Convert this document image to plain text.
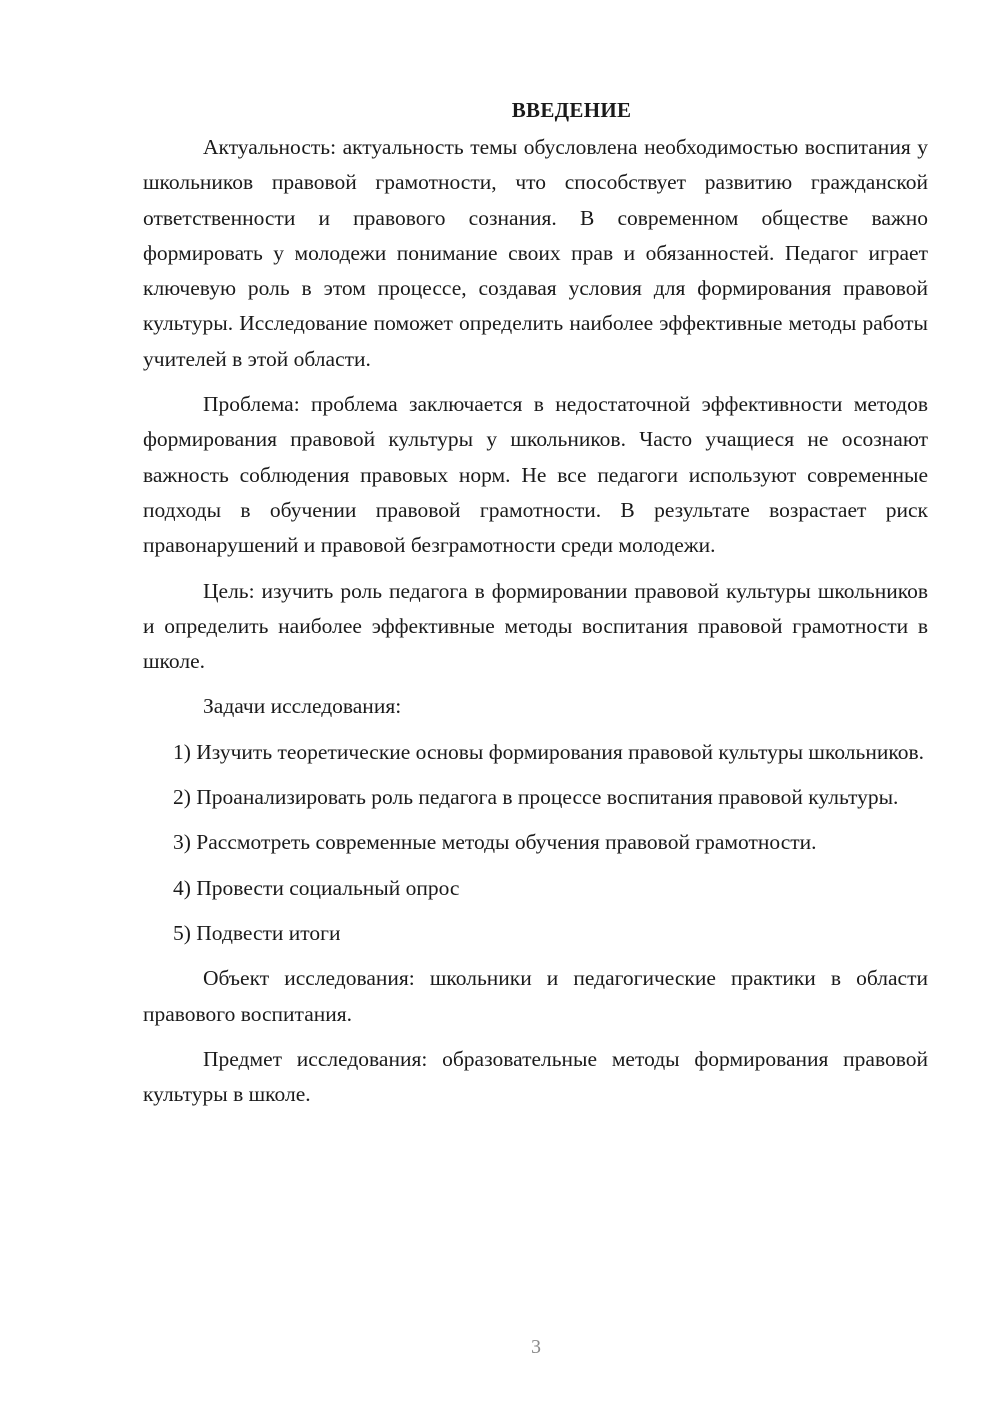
ВВЕДЕНИЕ

Актуальность: актуальность темы обусловлена необходимостью воспитания у школьников правовой грамотности, что способствует развитию гражданской ответственности и правового сознания. В современном обществе важно формировать у молодежи понимание своих прав и обязанностей. Педагог играет ключевую роль в этом процессе, создавая условия для формирования правовой культуры. Исследование поможет определить наиболее эффективные методы работы учителей в этой области.

Проблема: проблема заключается в недостаточной эффективности методов формирования правовой культуры у школьников. Часто учащиеся не осознают важность соблюдения правовых норм. Не все педагоги используют современные подходы в обучении правовой грамотности. В результате возрастает риск правонарушений и правовой безграмотности среди молодежи.

Цель: изучить роль педагога в формировании правовой культуры школьников и определить наиболее эффективные методы воспитания правовой грамотности в школе.

Задачи исследования:

1) Изучить теоретические основы формирования правовой культуры школьников.

2) Проанализировать роль педагога в процессе воспитания правовой культуры.

3) Рассмотреть современные методы обучения правовой грамотности.

4) Провести социальный опрос

5) Подвести итоги

Объект исследования: школьники и педагогические практики в области правового воспитания.

Предмет исследования: образовательные методы формирования правовой культуры в школе.

3
